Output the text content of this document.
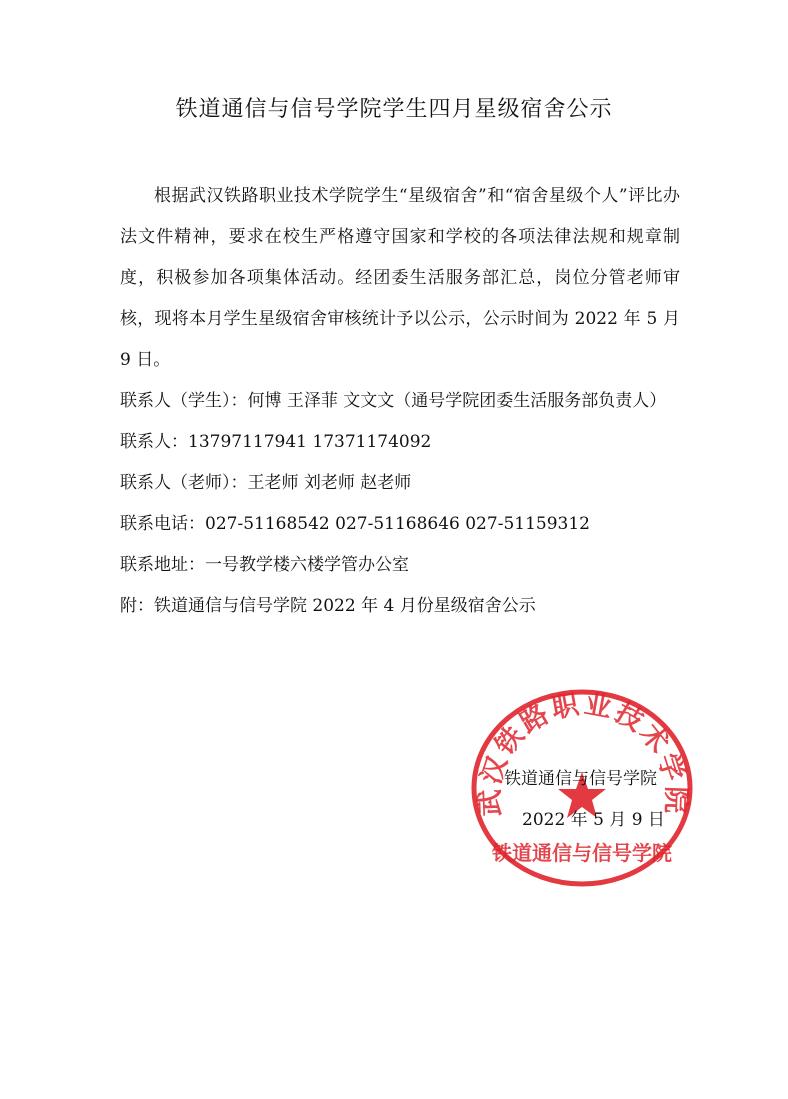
铁道通信与信号学院学生四月星级宿舍公示

根据武汉铁路职业技术学院学生“星级宿舍”和“宿舍星级个人”评比办法文件精神，要求在校生严格遵守国家和学校的各项法律法规和规章制度，积极参加各项集体活动。经团委生活服务部汇总，岗位分管老师审核，现将本月学生星级宿舍审核统计予以公示，公示时间为 2022 年 5 月 9 日。

联系人（学生）：何博 王泽菲 文文文（通号学院团委生活服务部负责人）

联系人：13797117941 17371174092

联系人（老师）：王老师 刘老师 赵老师

联系电话：027-51168542 027-51168646 027-51159312

联系地址：一号教学楼六楼学管办公室

附：铁道通信与信号学院 2022 年 4 月份星级宿舍公示

武汉铁路职业技术学院
铁道通信与信号学院
铁道通信与信号学院
2022 年 5 月 9 日
